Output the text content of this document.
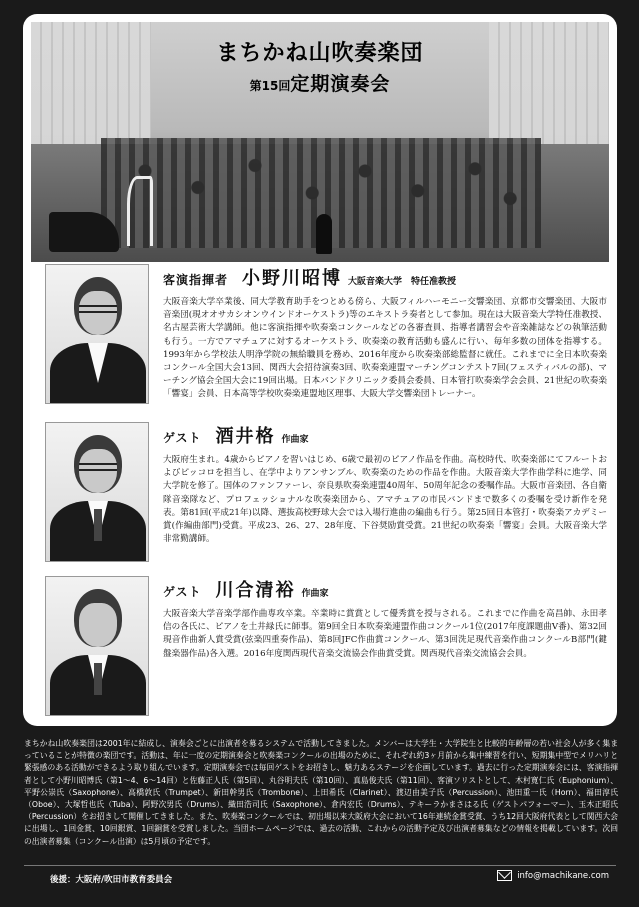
まちかね山吹奏楽団
第15回定期演奏会
客演指揮者 小野川昭博 大阪音楽大学　特任准教授

大阪音楽大学卒業後、同大学教育助手をつとめる傍ら、大阪フィルハーモニー交響楽団、京都市交響楽団、大阪市音楽団(現オオサカシオンウインドオーケストラ)等のエキストラ奏者として参加。現在は大阪音楽大学特任准教授、名古屋芸術大学講師。他に客演指揮や吹奏楽コンクールなどの各審査員、指導者講習会や音楽雑誌などの執筆活動も行う。一方でアマチュアに対するオーケストラ、吹奏楽の教育活動も盛んに行い、毎年多数の団体を指導する。1993年から学校法人明浄学院の無給職員を務め、2016年度から吹奏楽部総監督に就任。これまでに全日本吹奏楽コンクール全国大会13回、関西大会招待演奏3回、吹奏楽連盟マーチングコンテスト7回(フェスティバルの部)、マーチング協会全国大会に19回出場。日本バンドクリニック委員会委員、日本管打吹奏楽学会会員、21世紀の吹奏楽「響宴」会員、日本高等学校吹奏楽連盟地区理事、大阪大学交響楽団トレーナー。

ゲスト 酒井格 作曲家

大阪府生まれ。4歳からピアノを習いはじめ、6歳で最初のピアノ作品を作曲。高校時代、吹奏楽部にてフルートおよびピッコロを担当し、在学中よりアンサンブル、吹奏楽のための作品を作曲。大阪音楽大学作曲学科に進学、同大学院を修了。国体のファンファーレ、奈良県吹奏楽連盟40周年、50周年記念の委嘱作品。大阪市音楽団、各自衛隊音楽隊など、プロフェッショナルな吹奏楽団から、アマチュアの市民バンドまで数多くの委嘱を受け新作を発表。第81回(平成21年)以降、選抜高校野球大会では入場行進曲の編曲も行う。第25回日本管打・吹奏楽アカデミー賞(作編曲部門)受賞。平成23、26、27、28年度、下谷奨励賞受賞。21世紀の吹奏楽「響宴」会員。大阪音楽大学非常勤講師。

ゲスト 川合清裕 作曲家

大阪音楽大学音楽学部作曲専攻卒業。卒業時に賞賞として優秀賞を授与される。これまでに作曲を高昌帥、永田孝信の各氏に、ピアノを土井緑氏に師事。第9回全日本吹奏楽連盟作曲コンクール1位(2017年度課題曲Ⅴ番)、第32回現音作曲新人賞受賞(弦楽四重奏作品)、第8回JFC作曲賞コンクール、第3回洗足現代音楽作曲コンクールB部門(鍵盤楽器作品)各入選。2016年度関西現代音楽交流協会作曲賞受賞。関西現代音楽交流協会会員。

まちかね山吹奏楽団は2001年に結成し、演奏会ごとに出演者を募るシステムで活動してきました。メンバーは大学生・大学院生と比較的年齢層の若い社会人が多く集まっていることが特徴の楽団です。活動は、年に一度の定期演奏会と吹奏楽コンクールの出場のために、それぞれ約3ヶ月前から集中練習を行い、短期集中型でメリハリと緊張感のある活動ができるよう取り組んでいます。定期演奏会では毎回ゲストをお招きし、魅力あるステージを企画しています。過去に行った定期演奏会には、客演指揮者として小野川昭博氏（第1〜4、6〜14回）と佐藤正人氏（第5回）、丸谷明夫氏（第10回）、真島俊夫氏（第11回）、客演ソリストとして、木村寛仁氏（Euphonium）、平野公崇氏（Saxophone）、高橋敦氏（Trumpet）、新田幹男氏（Trombone）、上田希氏（Clarinet）、渡辺由美子氏（Percussion）、池田重一氏（Horn）、福田淳氏（Oboe）、大塚哲也氏（Tuba）、阿野次男氏（Drums）、織田浩司氏（Saxophone）、倉内宏氏（Drums）、テキーラかまさはる氏（ゲストパフォーマー）、玉木正昭氏（Percussion）をお招きして開催してきました。また、吹奏楽コンクールでは、初出場以来大阪府大会において16年連続金賞受賞、うち12回大阪府代表として関西大会に出場し、1回金賞、10回銀賞、1回銅賞を受賞しました。当団ホームページでは、過去の活動、これからの活動予定及び出演者募集などの情報を掲載しています。次回の出演者募集（コンクール出演）は5月頃の予定です。

後援：大阪府/吹田市教育委員会	info@machikane.com
